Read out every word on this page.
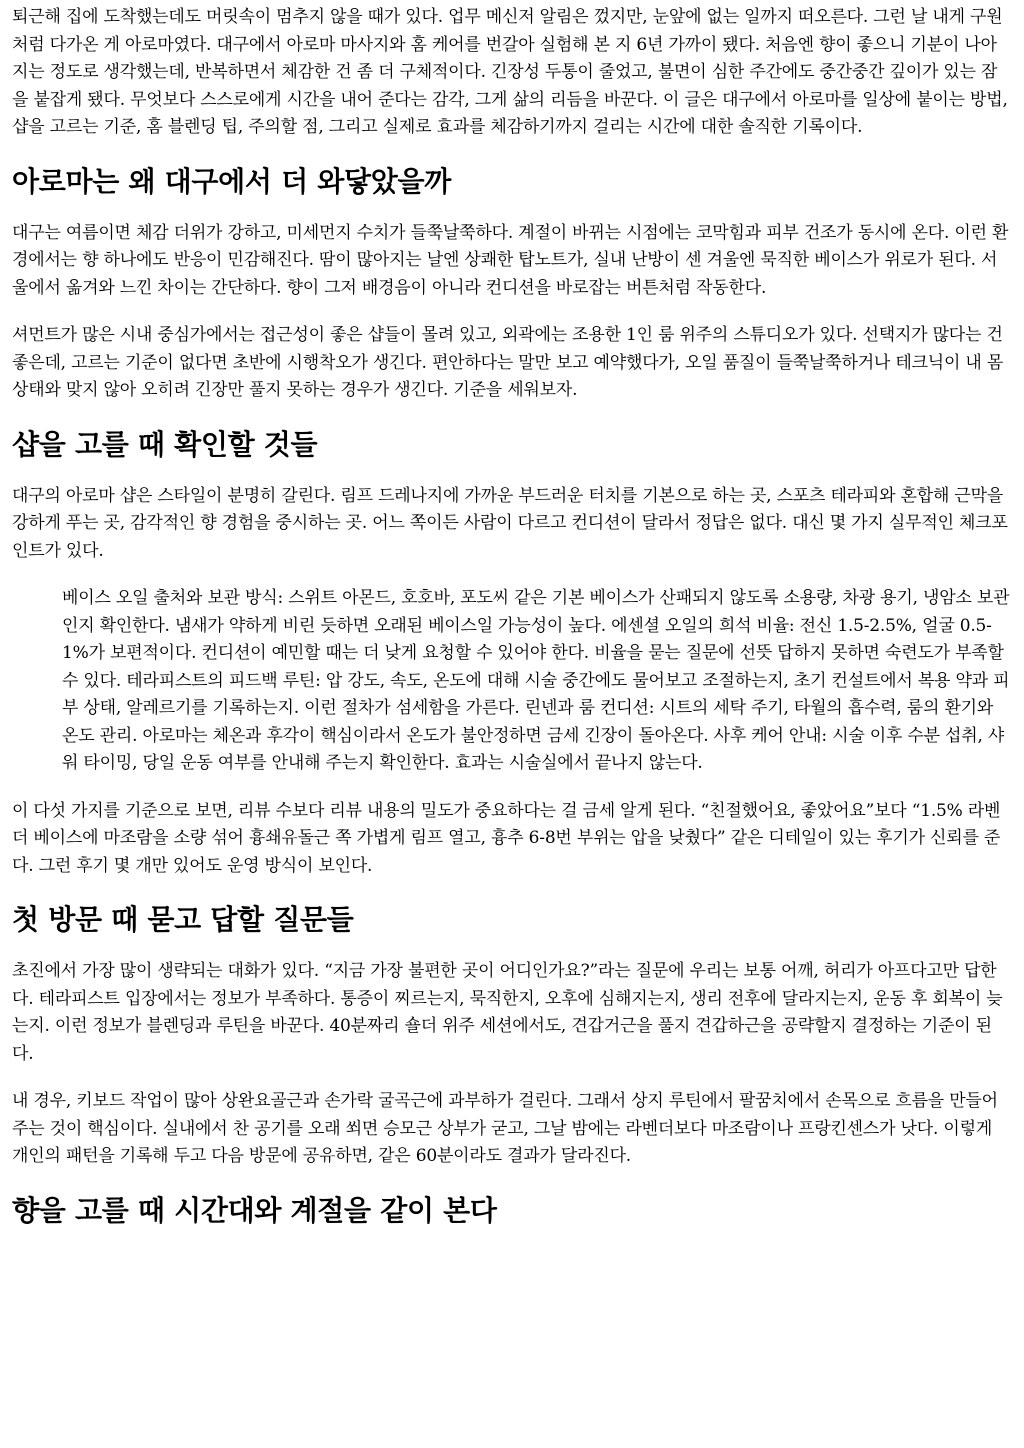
퇴근해 집에 도착했는데도 머릿속이 멈추지 않을 때가 있다. 업무 메신저 알림은 껐지만, 눈앞에 없는 일까지 떠오른다. 그런 날 내게 구원처럼 다가온 게 아로마였다. 대구에서 아로마 마사지와 홈 케어를 번갈아 실험해 본 지 6년 가까이 됐다. 처음엔 향이 좋으니 기분이 나아지는 정도로 생각했는데, 반복하면서 체감한 건 좀 더 구체적이다. 긴장성 두통이 줄었고, 불면이 심한 주간에도 중간중간 깊이가 있는 잠을 붙잡게 됐다. 무엇보다 스스로에게 시간을 내어 준다는 감각, 그게 삶의 리듬을 바꾼다. 이 글은 대구에서 아로마를 일상에 붙이는 방법, 샵을 고르는 기준, 홈 블렌딩 팁, 주의할 점, 그리고 실제로 효과를 체감하기까지 걸리는 시간에 대한 솔직한 기록이다.

아로마는 왜 대구에서 더 와닿았을까

대구는 여름이면 체감 더위가 강하고, 미세먼지 수치가 들쭉날쭉하다. 계절이 바뀌는 시점에는 코막힘과 피부 건조가 동시에 온다. 이런 환경에서는 향 하나에도 반응이 민감해진다. 땀이 많아지는 날엔 상쾌한 탑노트가, 실내 난방이 센 겨울엔 묵직한 베이스가 위로가 된다. 서울에서 옮겨와 느낀 차이는 간단하다. 향이 그저 배경음이 아니라 컨디션을 바로잡는 버튼처럼 작동한다.

셔먼트가 많은 시내 중심가에서는 접근성이 좋은 샵들이 몰려 있고, 외곽에는 조용한 1인 룸 위주의 스튜디오가 있다. 선택지가 많다는 건 좋은데, 고르는 기준이 없다면 초반에 시행착오가 생긴다. 편안하다는 말만 보고 예약했다가, 오일 품질이 들쭉날쭉하거나 테크닉이 내 몸 상태와 맞지 않아 오히려 긴장만 풀지 못하는 경우가 생긴다. 기준을 세워보자.

샵을 고를 때 확인할 것들

대구의 아로마 샵은 스타일이 분명히 갈린다. 림프 드레나지에 가까운 부드러운 터치를 기본으로 하는 곳, 스포츠 테라피와 혼합해 근막을 강하게 푸는 곳, 감각적인 향 경험을 중시하는 곳. 어느 쪽이든 사람이 다르고 컨디션이 달라서 정답은 없다. 대신 몇 가지 실무적인 체크포인트가 있다.

베이스 오일 출처와 보관 방식: 스위트 아몬드, 호호바, 포도씨 같은 기본 베이스가 산패되지 않도록 소용량, 차광 용기, 냉암소 보관인지 확인한다. 냄새가 약하게 비린 듯하면 오래된 베이스일 가능성이 높다. 에센셜 오일의 희석 비율: 전신 1.5-2.5%, 얼굴 0.5-1%가 보편적이다. 컨디션이 예민할 때는 더 낮게 요청할 수 있어야 한다. 비율을 묻는 질문에 선뜻 답하지 못하면 숙련도가 부족할 수 있다. 테라피스트의 피드백 루틴: 압 강도, 속도, 온도에 대해 시술 중간에도 물어보고 조절하는지, 초기 컨설트에서 복용 약과 피부 상태, 알레르기를 기록하는지. 이런 절차가 섬세함을 가른다. 린넨과 룸 컨디션: 시트의 세탁 주기, 타월의 흡수력, 룸의 환기와 온도 관리. 아로마는 체온과 후각이 핵심이라서 온도가 불안정하면 금세 긴장이 돌아온다. 사후 케어 안내: 시술 이후 수분 섭취, 샤워 타이밍, 당일 운동 여부를 안내해 주는지 확인한다. 효과는 시술실에서 끝나지 않는다.

이 다섯 가지를 기준으로 보면, 리뷰 수보다 리뷰 내용의 밀도가 중요하다는 걸 금세 알게 된다. “친절했어요, 좋았어요”보다 “1.5% 라벤더 베이스에 마조람을 소량 섞어 흉쇄유돌근 쪽 가볍게 림프 열고, 흉추 6-8번 부위는 압을 낮췄다” 같은 디테일이 있는 후기가 신뢰를 준다. 그런 후기 몇 개만 있어도 운영 방식이 보인다.

첫 방문 때 묻고 답할 질문들

초진에서 가장 많이 생략되는 대화가 있다. “지금 가장 불편한 곳이 어디인가요?”라는 질문에 우리는 보통 어깨, 허리가 아프다고만 답한다. 테라피스트 입장에서는 정보가 부족하다. 통증이 찌르는지, 묵직한지, 오후에 심해지는지, 생리 전후에 달라지는지, 운동 후 회복이 늦는지. 이런 정보가 블렌딩과 루틴을 바꾼다. 40분짜리 숄더 위주 세션에서도, 견갑거근을 풀지 견갑하근을 공략할지 결정하는 기준이 된다.

내 경우, 키보드 작업이 많아 상완요골근과 손가락 굴곡근에 과부하가 걸린다. 그래서 상지 루틴에서 팔꿈치에서 손목으로 흐름을 만들어 주는 것이 핵심이다. 실내에서 찬 공기를 오래 쐬면 승모근 상부가 굳고, 그날 밤에는 라벤더보다 마조람이나 프랑킨센스가 낫다. 이렇게 개인의 패턴을 기록해 두고 다음 방문에 공유하면, 같은 60분이라도 결과가 달라진다.

향을 고를 때 시간대와 계절을 같이 본다
